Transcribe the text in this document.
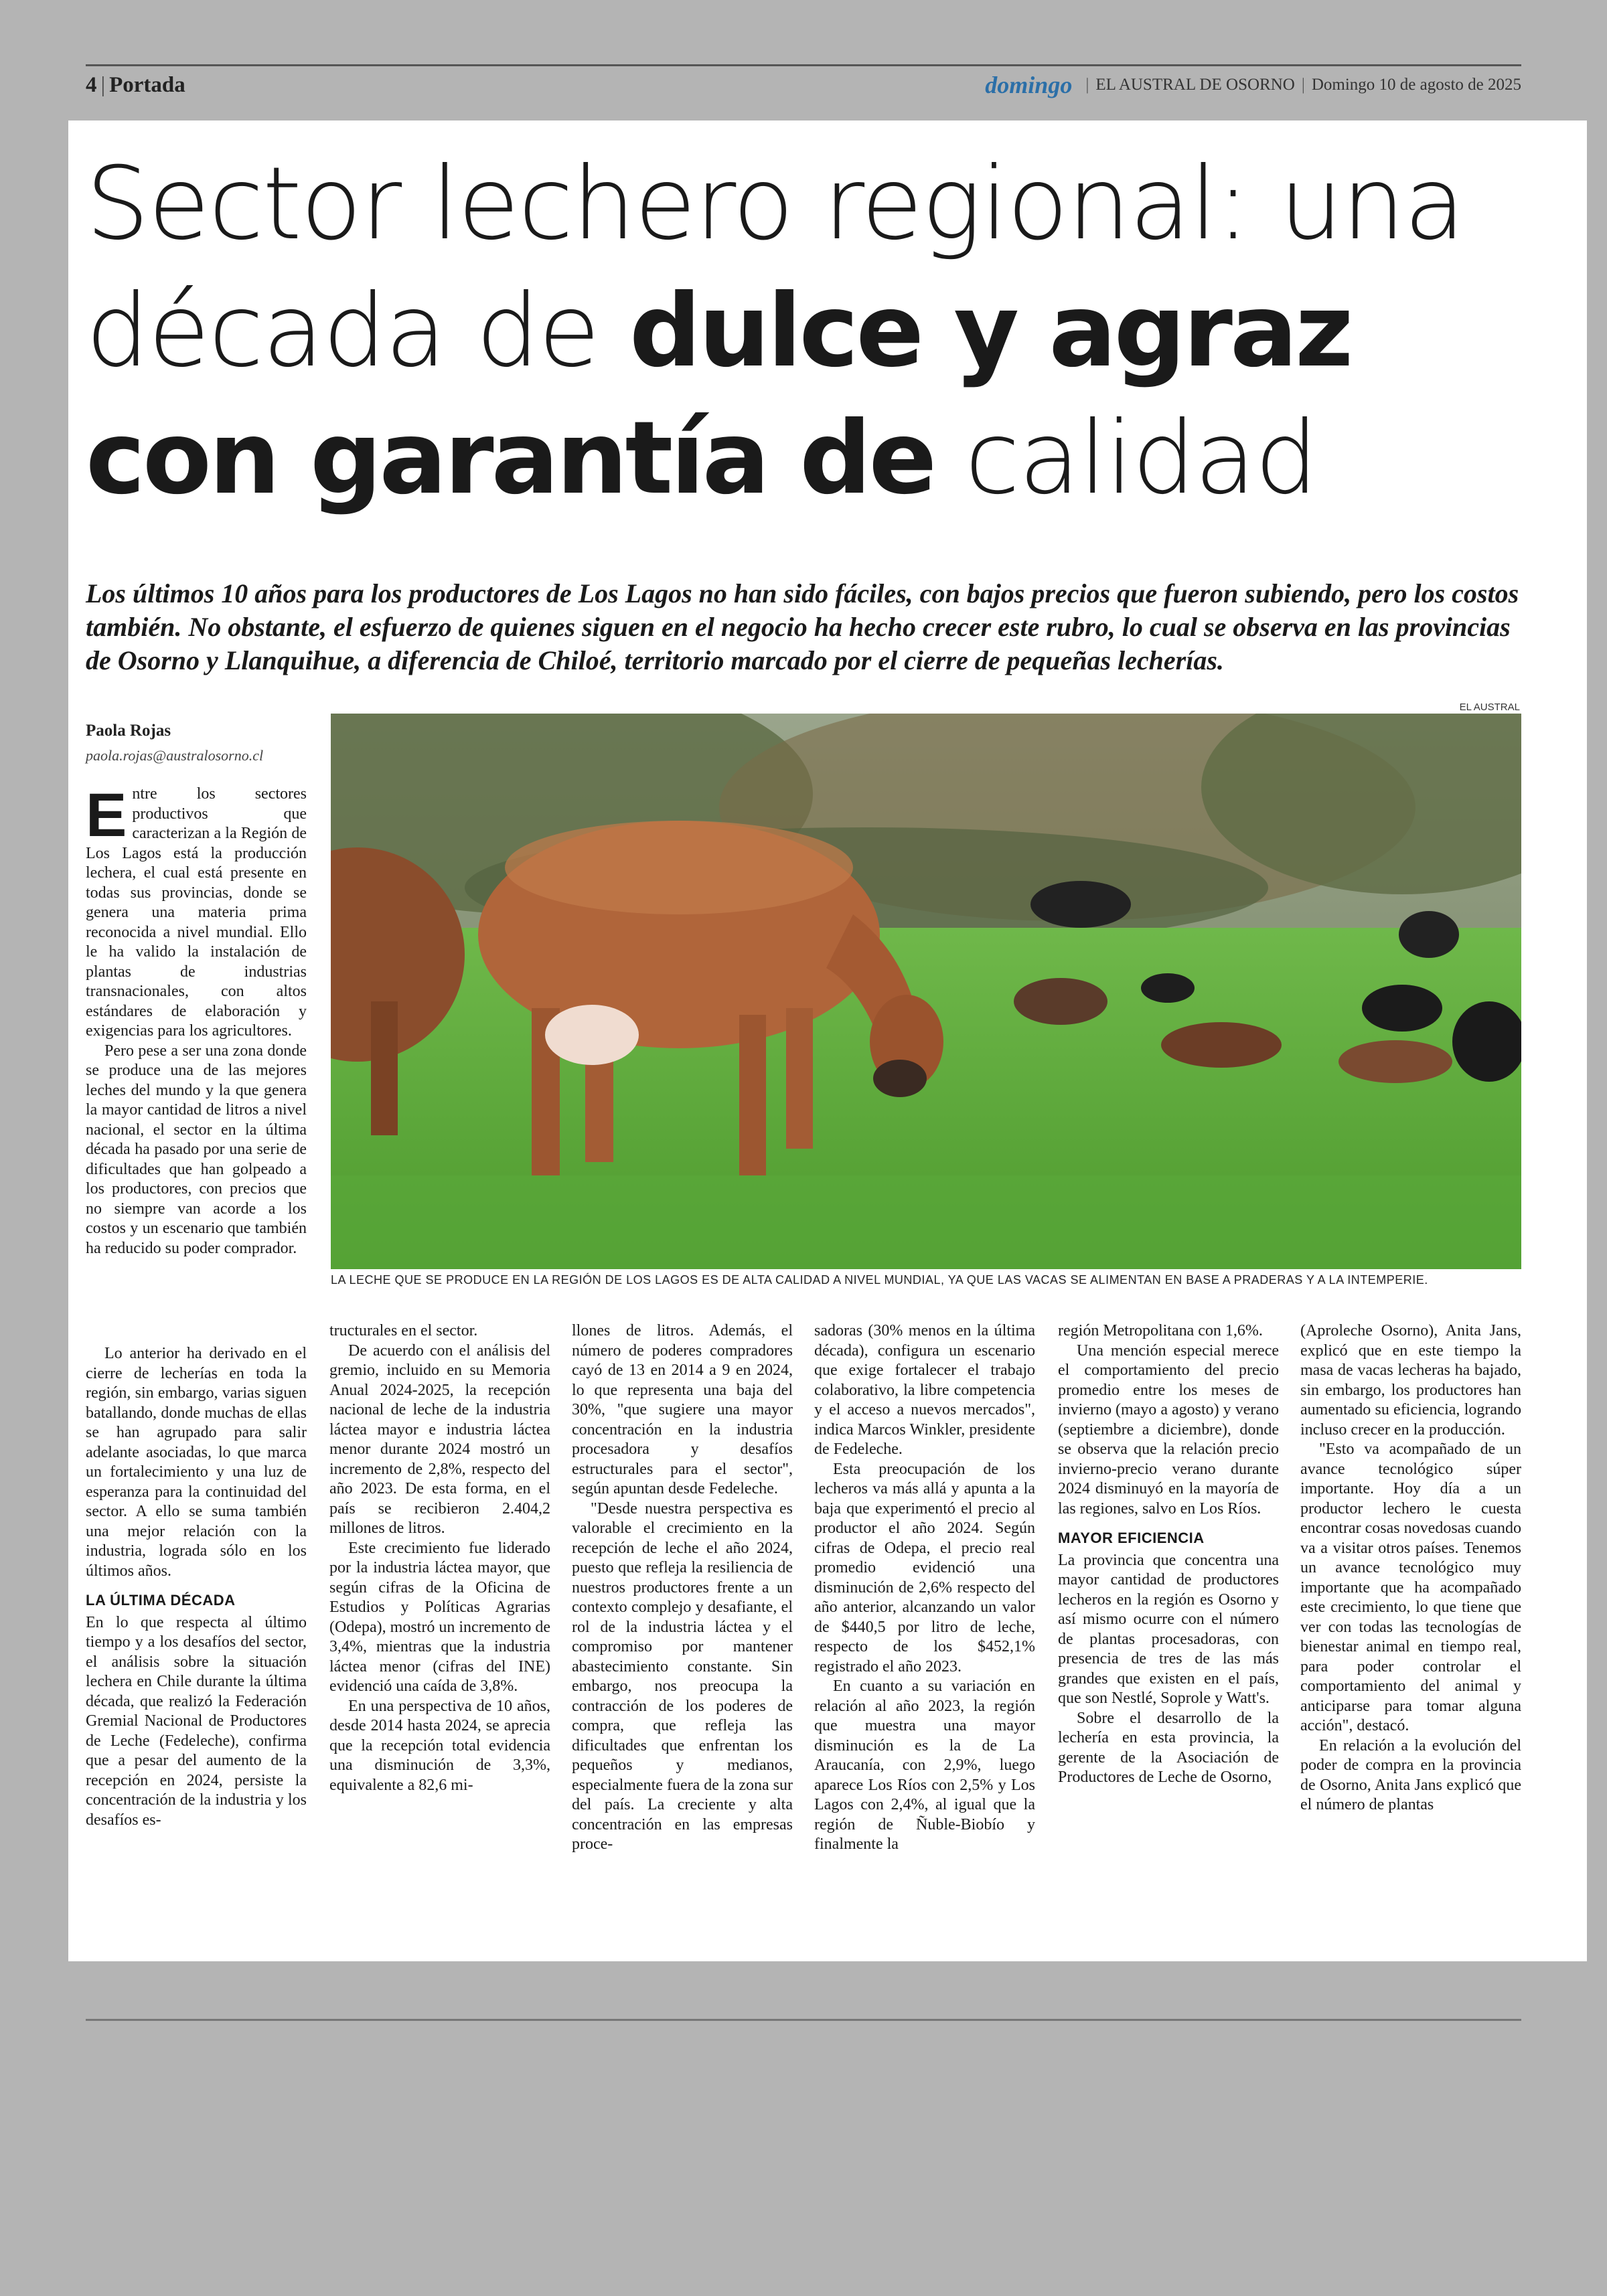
4 | Portada	domingo | EL AUSTRAL DE OSORNO | Domingo 10 de agosto de 2025
Sector lechero regional: una década de dulce y agraz con garantía de calidad
Los últimos 10 años para los productores de Los Lagos no han sido fáciles, con bajos precios que fueron subiendo, pero los costos también. No obstante, el esfuerzo de quienes siguen en el negocio ha hecho crecer este rubro, lo cual se observa en las provincias de Osorno y Llanquihue, a diferencia de Chiloé, territorio marcado por el cierre de pequeñas lecherías.
Paola Rojas
paola.rojas@australosorno.cl
EL AUSTRAL
LA LECHE QUE SE PRODUCE EN LA REGIÓN DE LOS LAGOS ES DE ALTA CALIDAD A NIVEL MUNDIAL, YA QUE LAS VACAS SE ALIMENTAN EN BASE A PRADERAS Y A LA INTEMPERIE.

Entre los sectores productivos que caracterizan a la Región de Los Lagos está la producción lechera, el cual está presente en todas sus provincias, donde se genera una materia prima reconocida a nivel mundial. Ello le ha valido la instalación de plantas de industrias transnacionales, con altos estándares de elaboración y exigencias para los agricultores.

Pero pese a ser una zona donde se produce una de las mejores leches del mundo y la que genera la mayor cantidad de litros a nivel nacional, el sector en la última década ha pasado por una serie de dificultades que han golpeado a los productores, con precios que no siempre van acorde a los costos y un escenario que también ha reducido su poder comprador.

Lo anterior ha derivado en el cierre de lecherías en toda la región, sin embargo, varias siguen batallando, donde muchas de ellas se han agrupado para salir adelante asociadas, lo que marca un fortalecimiento y una luz de esperanza para la continuidad del sector. A ello se suma también una mejor relación con la industria, lograda sólo en los últimos años.

LA ÚLTIMA DÉCADA

En lo que respecta al último tiempo y a los desafíos del sector, el análisis sobre la situación lechera en Chile durante la última década, que realizó la Federación Gremial Nacional de Productores de Leche (Fedeleche), confirma que a pesar del aumento de la recepción en 2024, persiste la concentración de la industria y los desafíos es-

tructurales en el sector.

De acuerdo con el análisis del gremio, incluido en su Memoria Anual 2024-2025, la recepción nacional de leche de la industria láctea mayor e industria láctea menor durante 2024 mostró un incremento de 2,8%, respecto del año 2023. De esta forma, en el país se recibieron 2.404,2 millones de litros.

Este crecimiento fue liderado por la industria láctea mayor, que según cifras de la Oficina de Estudios y Políticas Agrarias (Odepa), mostró un incremento de 3,4%, mientras que la industria láctea menor (cifras del INE) evidenció una caída de 3,8%.

En una perspectiva de 10 años, desde 2014 hasta 2024, se aprecia que la recepción total evidencia una disminución de 3,3%, equivalente a 82,6 mi-

llones de litros. Además, el número de poderes compradores cayó de 13 en 2014 a 9 en 2024, lo que representa una baja del 30%, "que sugiere una mayor concentración en la industria procesadora y desafíos estructurales para el sector", según apuntan desde Fedeleche.

"Desde nuestra perspectiva es valorable el crecimiento en la recepción de leche el año 2024, puesto que refleja la resiliencia de nuestros productores frente a un contexto complejo y desafiante, el rol de la industria láctea y el compromiso por mantener abastecimiento constante. Sin embargo, nos preocupa la contracción de los poderes de compra, que refleja las dificultades que enfrentan los pequeños y medianos, especialmente fuera de la zona sur del país. La creciente y alta concentración en las empresas proce-

sadoras (30% menos en la última década), configura un escenario que exige fortalecer el trabajo colaborativo, la libre competencia y el acceso a nuevos mercados", indica Marcos Winkler, presidente de Fedeleche.

Esta preocupación de los lecheros va más allá y apunta a la baja que experimentó el precio al productor el año 2024. Según cifras de Odepa, el precio real promedio evidenció una disminución de 2,6% respecto del año anterior, alcanzando un valor de $440,5 por litro de leche, respecto de los $452,1% registrado el año 2023.

En cuanto a su variación en relación al año 2023, la región que muestra una mayor disminución es la de La Araucanía, con 2,9%, luego aparece Los Ríos con 2,5% y Los Lagos con 2,4%, al igual que la región de Ñuble-Biobío y finalmente la

región Metropolitana con 1,6%.

Una mención especial merece el comportamiento del precio promedio entre los meses de invierno (mayo a agosto) y verano (septiembre a diciembre), donde se observa que la relación precio invierno-precio verano durante 2024 disminuyó en la mayoría de las regiones, salvo en Los Ríos.

MAYOR EFICIENCIA

La provincia que concentra una mayor cantidad de productores lecheros en la región es Osorno y así mismo ocurre con el número de plantas procesadoras, con presencia de tres de las más grandes que existen en el país, que son Nestlé, Soprole y Watt's.

Sobre el desarrollo de la lechería en esta provincia, la gerente de la Asociación de Productores de Leche de Osorno,

(Aproleche Osorno), Anita Jans, explicó que en este tiempo la masa de vacas lecheras ha bajado, sin embargo, los productores han aumentado su eficiencia, logrando incluso crecer en la producción.

"Esto va acompañado de un avance tecnológico súper importante. Hoy día a un productor lechero le cuesta encontrar cosas novedosas cuando va a visitar otros países. Tenemos un avance tecnológico muy importante que ha acompañado este crecimiento, lo que tiene que ver con todas las tecnologías de bienestar animal en tiempo real, para poder controlar el comportamiento del animal y anticiparse para tomar alguna acción", destacó.

En relación a la evolución del poder de compra en la provincia de Osorno, Anita Jans explicó que el número de plantas
